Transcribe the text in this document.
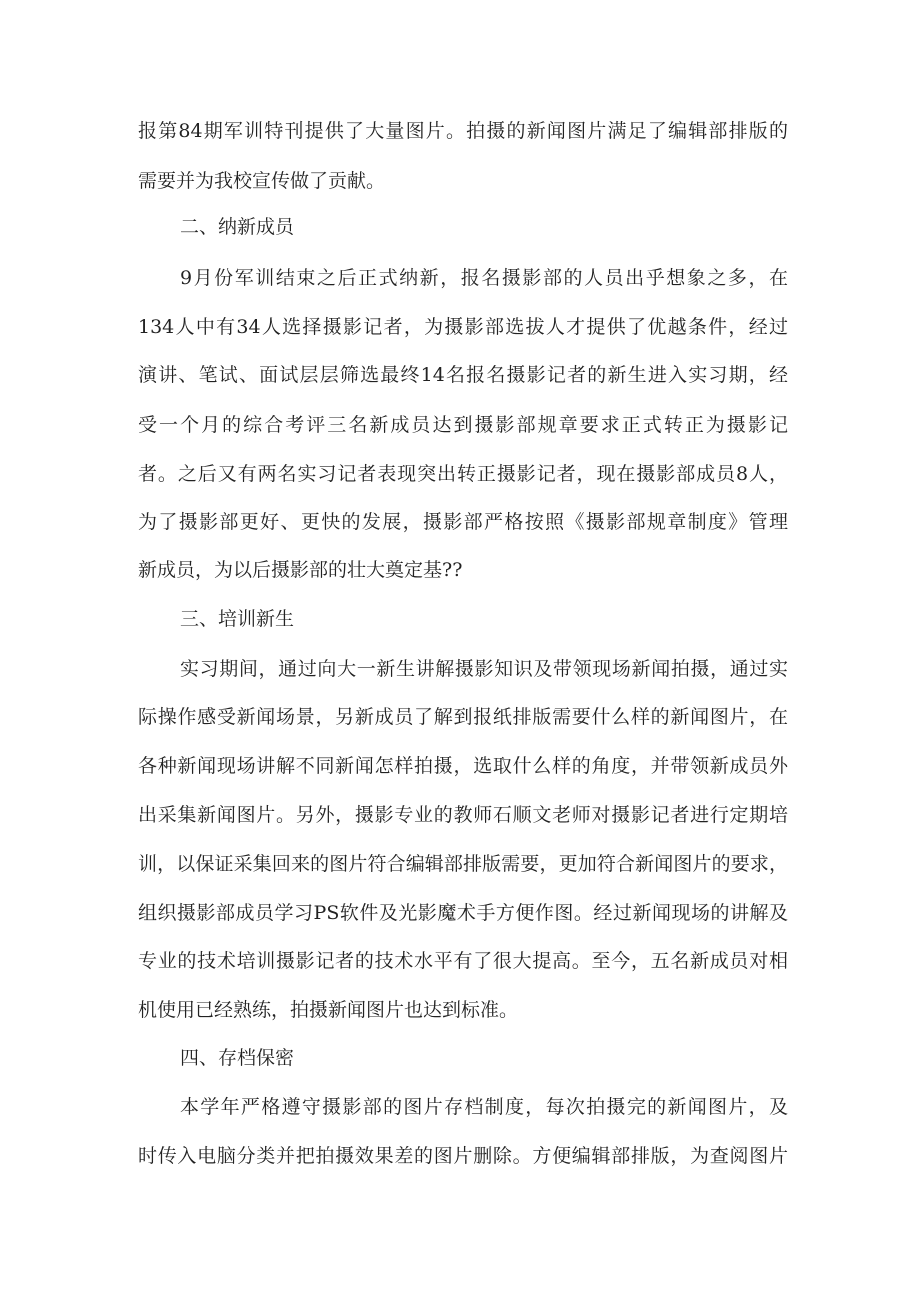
报第84期军训特刊提供了大量图片。拍摄的新闻图片满足了编辑部排版的
需要并为我校宣传做了贡献。
二、纳新成员
9月份军训结束之后正式纳新，报名摄影部的人员出乎想象之多，在
134人中有34人选择摄影记者，为摄影部选拔人才提供了优越条件，经过
演讲、笔试、面试层层筛选最终14名报名摄影记者的新生进入实习期，经
受一个月的综合考评三名新成员达到摄影部规章要求正式转正为摄影记
者。之后又有两名实习记者表现突出转正摄影记者，现在摄影部成员8人，
为了摄影部更好、更快的发展，摄影部严格按照《摄影部规章制度》管理
新成员，为以后摄影部的壮大奠定基??
三、培训新生
实习期间，通过向大一新生讲解摄影知识及带领现场新闻拍摄，通过实
际操作感受新闻场景，另新成员了解到报纸排版需要什么样的新闻图片，在
各种新闻现场讲解不同新闻怎样拍摄，选取什么样的角度，并带领新成员外
出采集新闻图片。另外，摄影专业的教师石顺文老师对摄影记者进行定期培
训，以保证采集回来的图片符合编辑部排版需要，更加符合新闻图片的要求，
组织摄影部成员学习PS软件及光影魔术手方便作图。经过新闻现场的讲解及
专业的技术培训摄影记者的技术水平有了很大提高。至今，五名新成员对相
机使用已经熟练，拍摄新闻图片也达到标准。
四、存档保密
本学年严格遵守摄影部的图片存档制度，每次拍摄完的新闻图片，及
时传入电脑分类并把拍摄效果差的图片删除。方便编辑部排版，为查阅图片
